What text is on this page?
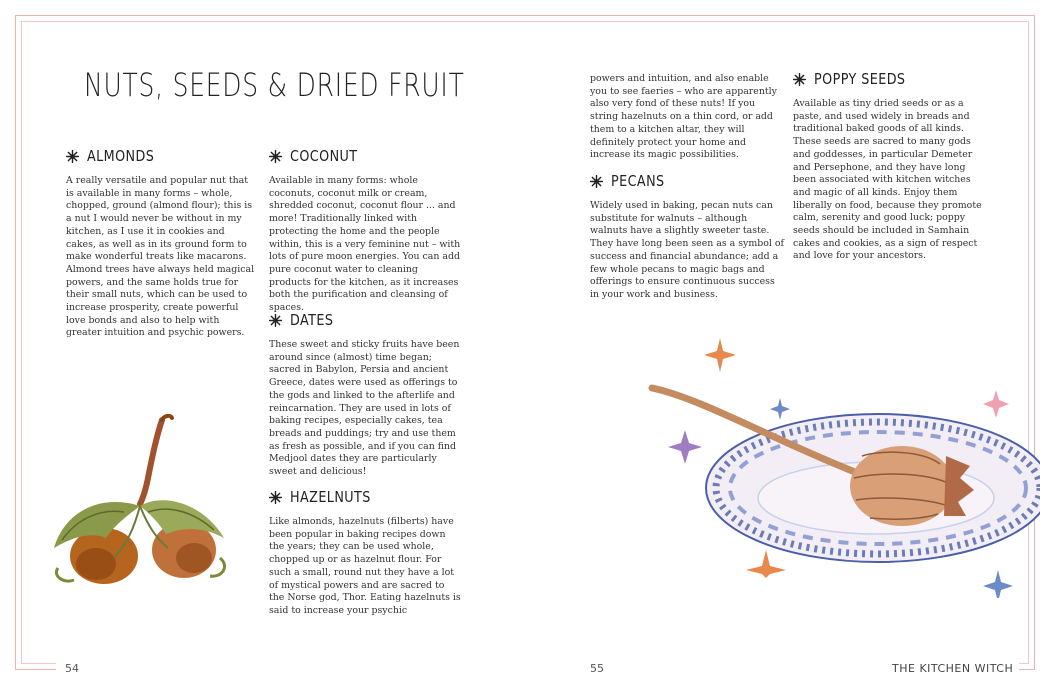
NUTS, SEEDS & DRIED FRUIT
ALMONDS

A really versatile and popular nut that is available in many forms – whole, chopped, ground (almond flour); this is a nut I would never be without in my kitchen, as I use it in cookies and cakes, as well as in its ground form to make wonderful treats like macarons. Almond trees have always held magical powers, and the same holds true for their small nuts, which can be used to increase prosperity, create powerful love bonds and also to help with greater intuition and psychic powers.

COCONUT

Available in many forms: whole coconuts, coconut milk or cream, shredded coconut, coconut flour ... and more! Traditionally linked with protecting the home and the people within, this is a very feminine nut – with lots of pure moon energies. You can add pure coconut water to cleaning products for the kitchen, as it increases both the purification and cleansing of spaces.

DATES

These sweet and sticky fruits have been around since (almost) time began; sacred in Babylon, Persia and ancient Greece, dates were used as offerings to the gods and linked to the afterlife and reincarnation. They are used in lots of baking recipes, especially cakes, tea breads and puddings; try and use them as fresh as possible, and if you can find Medjool dates they are particularly sweet and delicious!

HAZELNUTS

Like almonds, hazelnuts (filberts) have been popular in baking recipes down the years; they can be used whole, chopped up or as hazelnut flour. For such a small, round nut they have a lot of mystical powers and are sacred to the Norse god, Thor. Eating hazelnuts is said to increase your psychic

powers and intuition, and also enable you to see faeries – who are apparently also very fond of these nuts! If you string hazelnuts on a thin cord, or add them to a kitchen altar, they will definitely protect your home and increase its magic possibilities.

PECANS

Widely used in baking, pecan nuts can substitute for walnuts – although walnuts have a slightly sweeter taste. They have long been seen as a symbol of success and financial abundance; add a few whole pecans to magic bags and offerings to ensure continuous success in your work and business.

POPPY SEEDS

Available as tiny dried seeds or as a paste, and used widely in breads and traditional baked goods of all kinds. These seeds are sacred to many gods and goddesses, in particular Demeter and Persephone, and they have long been associated with kitchen witches and magic of all kinds. Enjoy them liberally on food, because they promote calm, serenity and good luck; poppy seeds should be included in Samhain cakes and cookies, as a sign of respect and love for your ancestors.

54	55	THE KITCHEN WITCH
